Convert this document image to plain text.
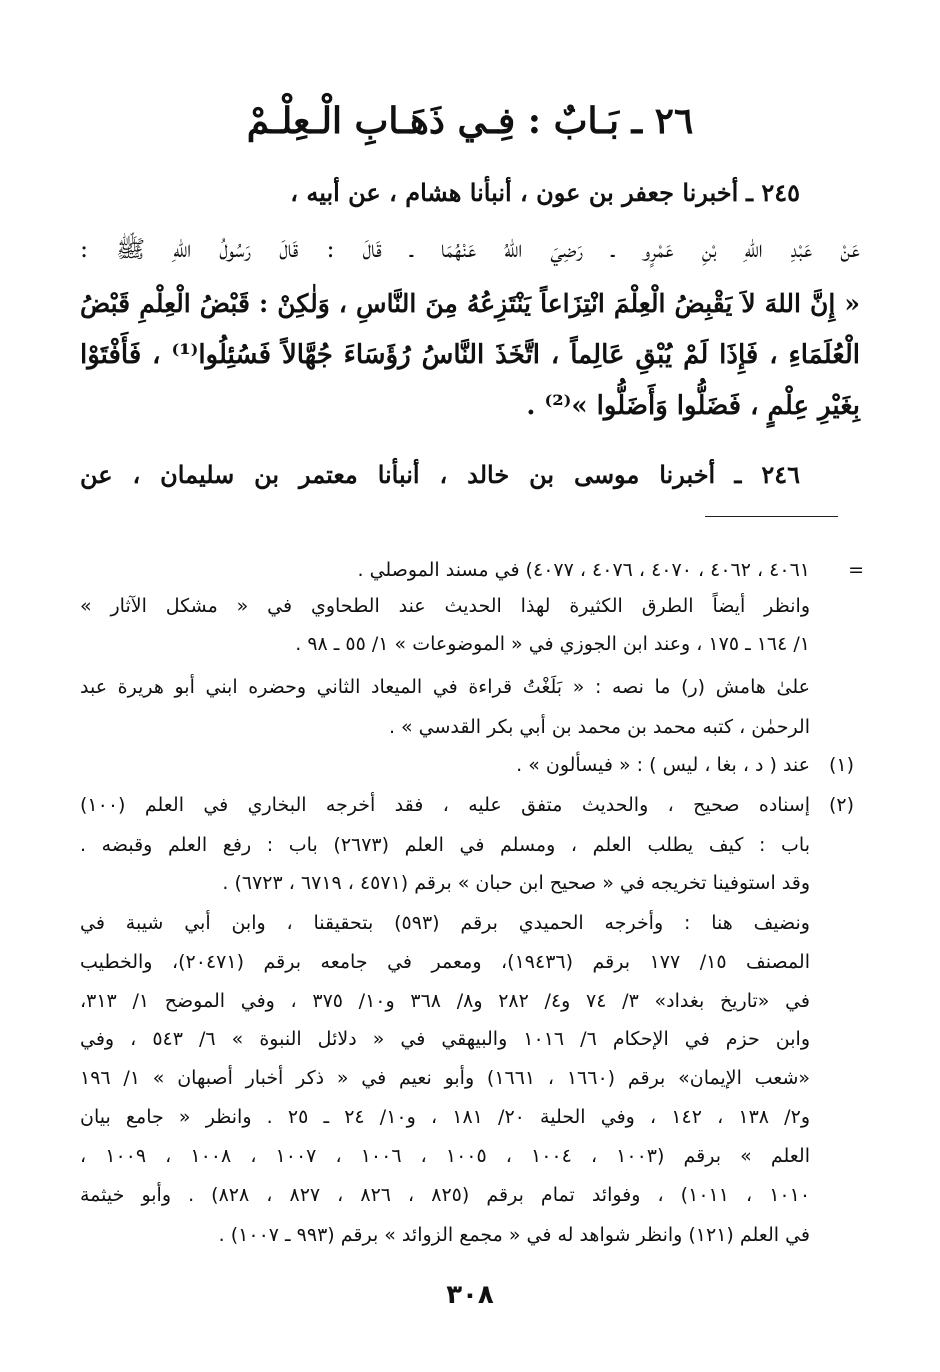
٢٦ ـ بَـابٌ : فِـي ذَهَـابِ الْـعِلْـمْ
٢٤٥ ـ أخبرنا جعفر بن عون ، أنبأنا هشام ، عن أبيه ،
عَنْ عَبْدِ اللهِ بْنِ عَمْرٍو ـ رَضِيَ اللهُ عَنْهُمَا ـ قَالَ : قَالَ رَسُولُ اللهِ ﷺ :
« إِنَّ اللهَ لاَ يَقْبِضُ الْعِلْمَ انْتِزَاعاً يَنْتَزِعُهُ مِنَ النَّاسِ ، وَلٰكِنْ : قَبْضُ الْعِلْمِ قَبْضُ
الْعُلَمَاءِ ، فَإِذَا لَمْ يُبْقِ عَالِماً ، اتَّخَذَ النَّاسُ رُؤَسَاءَ جُهَّالاً فَسُئِلُوا⁽¹⁾ ، فَأَفْتَوْا
بِغَيْرِ عِلْمٍ ، فَضَلُّوا وَأَضَلُّوا »⁽²⁾ .
٢٤٦ ـ أخبرنا موسى بن خالد ، أنبأنا معتمر بن سليمان ، عن
=
٤٠٦١ ، ٤٠٦٢ ، ٤٠٧٠ ، ٤٠٧٦ ، ٤٠٧٧) في مسند الموصلي .
وانظر أيضاً الطرق الكثيرة لهذا الحديث عند الطحاوي في « مشكل الآثار »
١/ ١٦٤ ـ ١٧٥ ، وعند ابن الجوزي في « الموضوعات » ١/ ٥٥ ـ ٩٨ .
علىٰ هامش (ر) ما نصه : « بَلَغْتُ قراءة في الميعاد الثاني وحضره ابني أبو هريرة عبد
الرحمٰن ، كتبه محمد بن محمد بن أبي بكر القدسي » .
(١)
عند ( د ، بغا ، ليس ) : « فيسألون » .
(٢)
إسناده صحيح ، والحديث متفق عليه ، فقد أخرجه البخاري في العلم (١٠٠)
باب : كيف يطلب العلم ، ومسلم في العلم (٢٦٧٣) باب : رفع العلم وقبضه .
وقد استوفينا تخريجه في « صحيح ابن حبان » برقم (٤٥٧١ ، ٦٧١٩ ، ٦٧٢٣) .
ونضيف هنا : وأخرجه الحميدي برقم (٥٩٣) بتحقيقنا ، وابن أبي شيبة في
المصنف ١٥/ ١٧٧ برقم (١٩٤٣٦)، ومعمر في جامعه برقم (٢٠٤٧١)، والخطيب
في «تاريخ بغداد» ٣/ ٧٤ و٤/ ٢٨٢ و٨/ ٣٦٨ و١٠/ ٣٧٥ ، وفي الموضح ١/ ٣١٣،
وابن حزم في الإحكام ٦/ ١٠١٦ والبيهقي في « دلائل النبوة » ٦/ ٥٤٣ ، وفي
«شعب الإيمان» برقم (١٦٦٠ ، ١٦٦١) وأبو نعيم في « ذكر أخبار أصبهان » ١/ ١٩٦
و٢/ ١٣٨ ، ١٤٢ ، وفي الحلية ٢٠/ ١٨١ ، و١٠/ ٢٤ ـ ٢٥ . وانظر « جامع بيان
العلم » برقم (١٠٠٣ ، ١٠٠٤ ، ١٠٠٥ ، ١٠٠٦ ، ١٠٠٧ ، ١٠٠٨ ، ١٠٠٩ ،
١٠١٠ ، ١٠١١) ، وفوائد تمام برقم (٨٢٥ ، ٨٢٦ ، ٨٢٧ ، ٨٢٨) . وأبو خيثمة
في العلم (١٢١) وانظر شواهد له في « مجمع الزوائد » برقم (٩٩٣ ـ ١٠٠٧) .
٣٠٨
